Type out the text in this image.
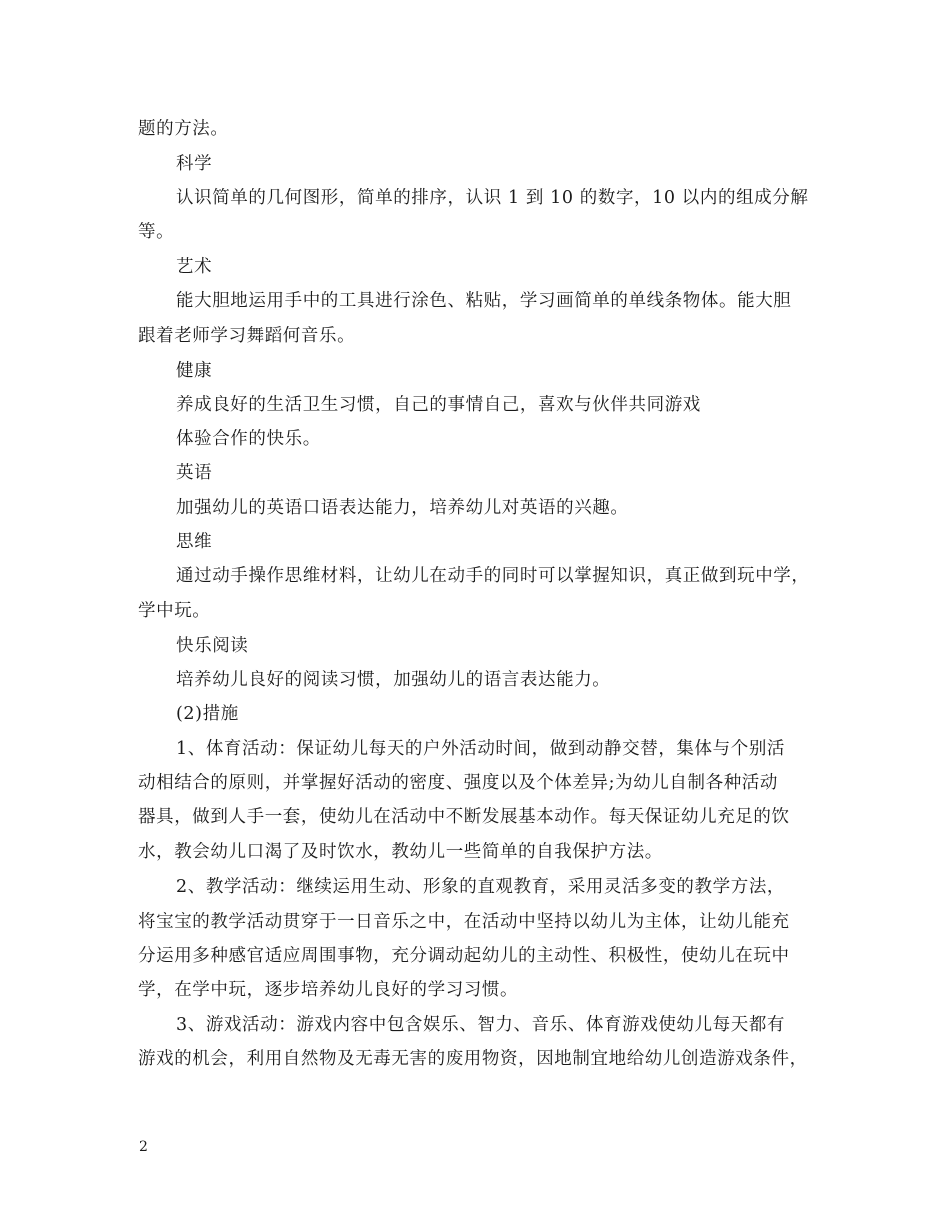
题的方法。
科学
认识简单的几何图形，简单的排序，认识 1 到 10 的数字，10 以内的组成分解
等。
艺术
能大胆地运用手中的工具进行涂色、粘贴，学习画简单的单线条物体。能大胆
跟着老师学习舞蹈何音乐。
健康
养成良好的生活卫生习惯，自己的事情自己，喜欢与伙伴共同游戏
体验合作的快乐。
英语
加强幼儿的英语口语表达能力，培养幼儿对英语的兴趣。
思维
通过动手操作思维材料，让幼儿在动手的同时可以掌握知识，真正做到玩中学，
学中玩。
快乐阅读
培养幼儿良好的阅读习惯，加强幼儿的语言表达能力。
(2)措施
1、体育活动：保证幼儿每天的户外活动时间，做到动静交替，集体与个别活
动相结合的原则，并掌握好活动的密度、强度以及个体差异;为幼儿自制各种活动
器具，做到人手一套，使幼儿在活动中不断发展基本动作。每天保证幼儿充足的饮
水，教会幼儿口渴了及时饮水，教幼儿一些简单的自我保护方法。
2、教学活动：继续运用生动、形象的直观教育，采用灵活多变的教学方法，
将宝宝的教学活动贯穿于一日音乐之中，在活动中坚持以幼儿为主体，让幼儿能充
分运用多种感官适应周围事物，充分调动起幼儿的主动性、积极性，使幼儿在玩中
学，在学中玩，逐步培养幼儿良好的学习习惯。
3、游戏活动：游戏内容中包含娱乐、智力、音乐、体育游戏使幼儿每天都有
游戏的机会，利用自然物及无毒无害的废用物资，因地制宜地给幼儿创造游戏条件，
2
